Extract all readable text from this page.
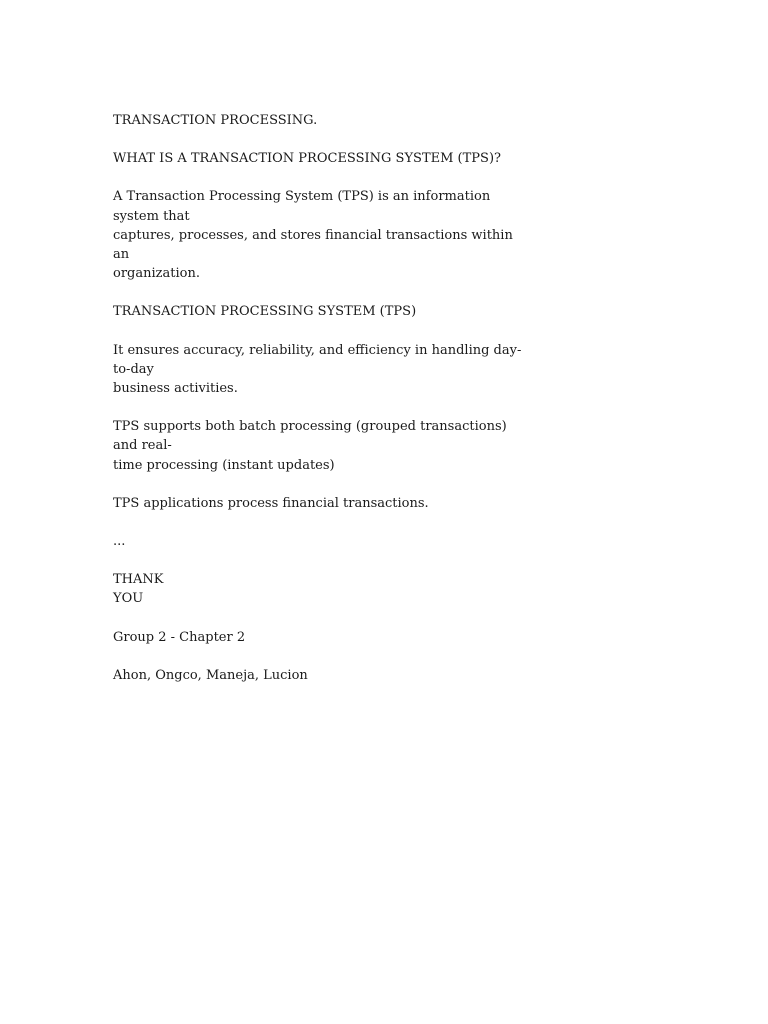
TRANSACTION PROCESSING.

WHAT IS A TRANSACTION PROCESSING SYSTEM (TPS)?

A Transaction Processing System (TPS) is an information system that
captures, processes, and stores financial transactions within an
organization.

TRANSACTION PROCESSING SYSTEM (TPS)

It ensures accuracy, reliability, and efficiency in handling day-to-day
business activities.

TPS supports both batch processing (grouped transactions) and real-
time processing (instant updates)

TPS applications process financial transactions.

...

THANK
YOU

Group 2 - Chapter 2

Ahon, Ongco, Maneja, Lucion
